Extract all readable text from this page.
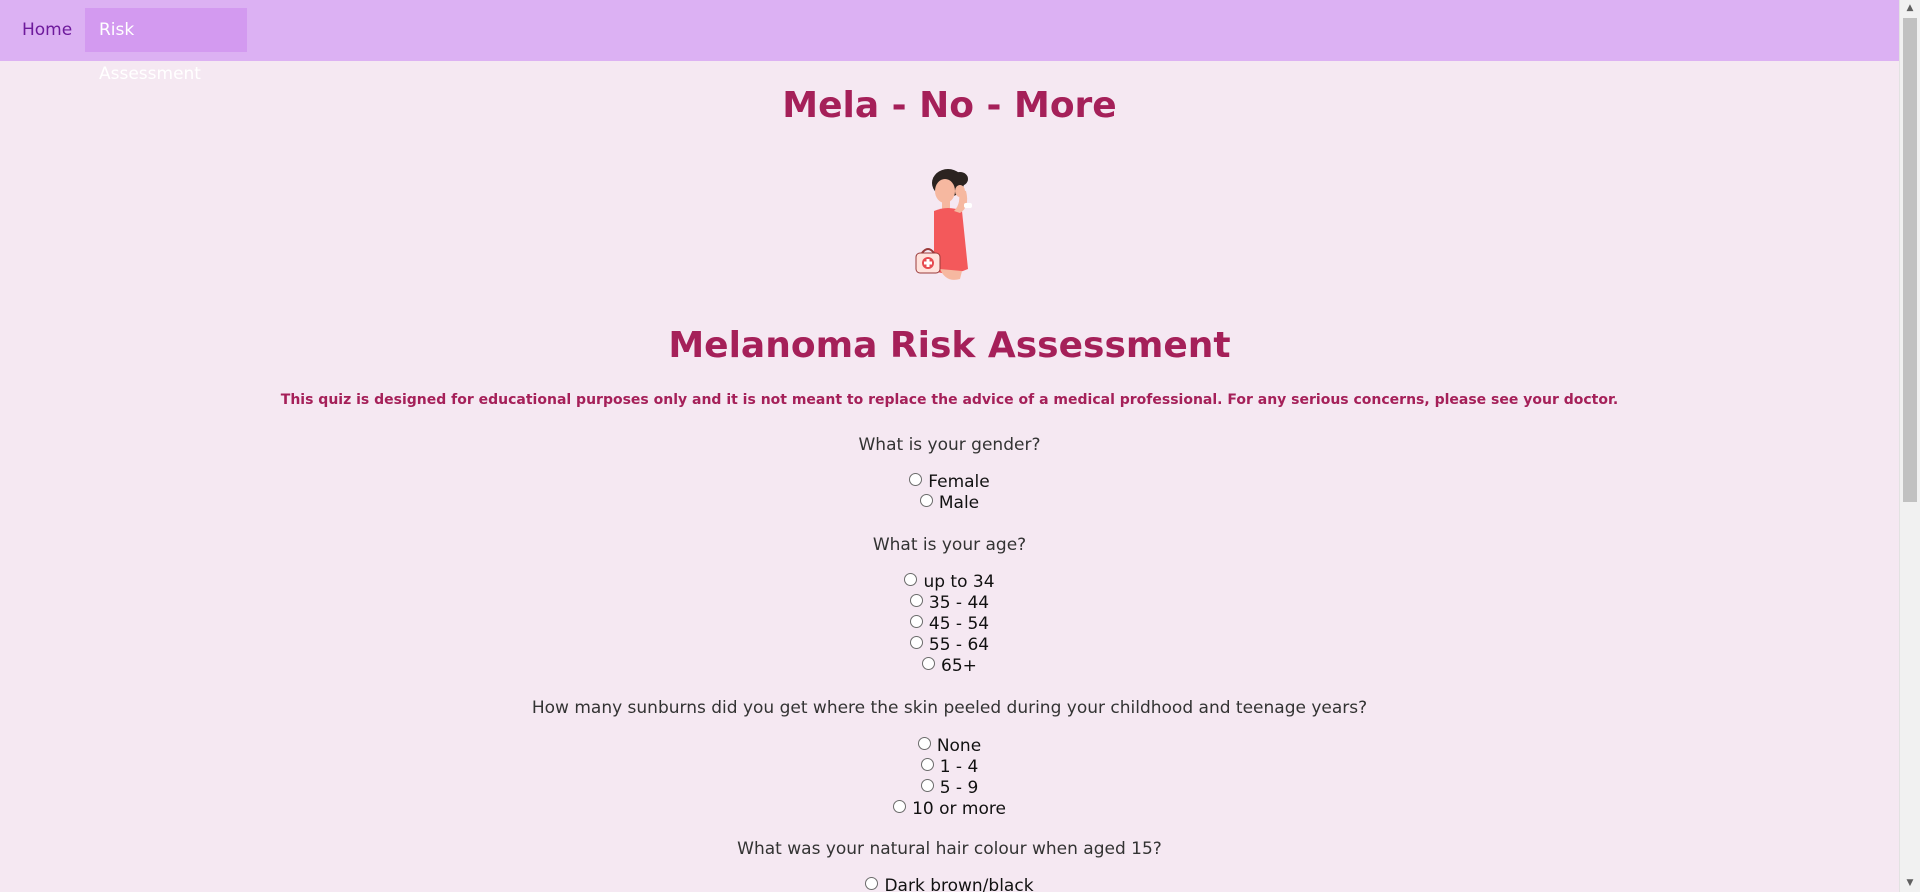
Home	Risk Assessment
Mela - No - More
Melanoma Risk Assessment

This quiz is designed for educational purposes only and it is not meant to replace the advice of a medical professional. For any serious concerns, please see your doctor.

What is your gender?

Female
Male

What is your age?

up to 34
35 - 44
45 - 54
55 - 64
65+

How many sunburns did you get where the skin peeled during your childhood and teenage years?

None
1 - 4
5 - 9
10 or more

What was your natural hair colour when aged 15?

Dark brown/black
▲
▼
